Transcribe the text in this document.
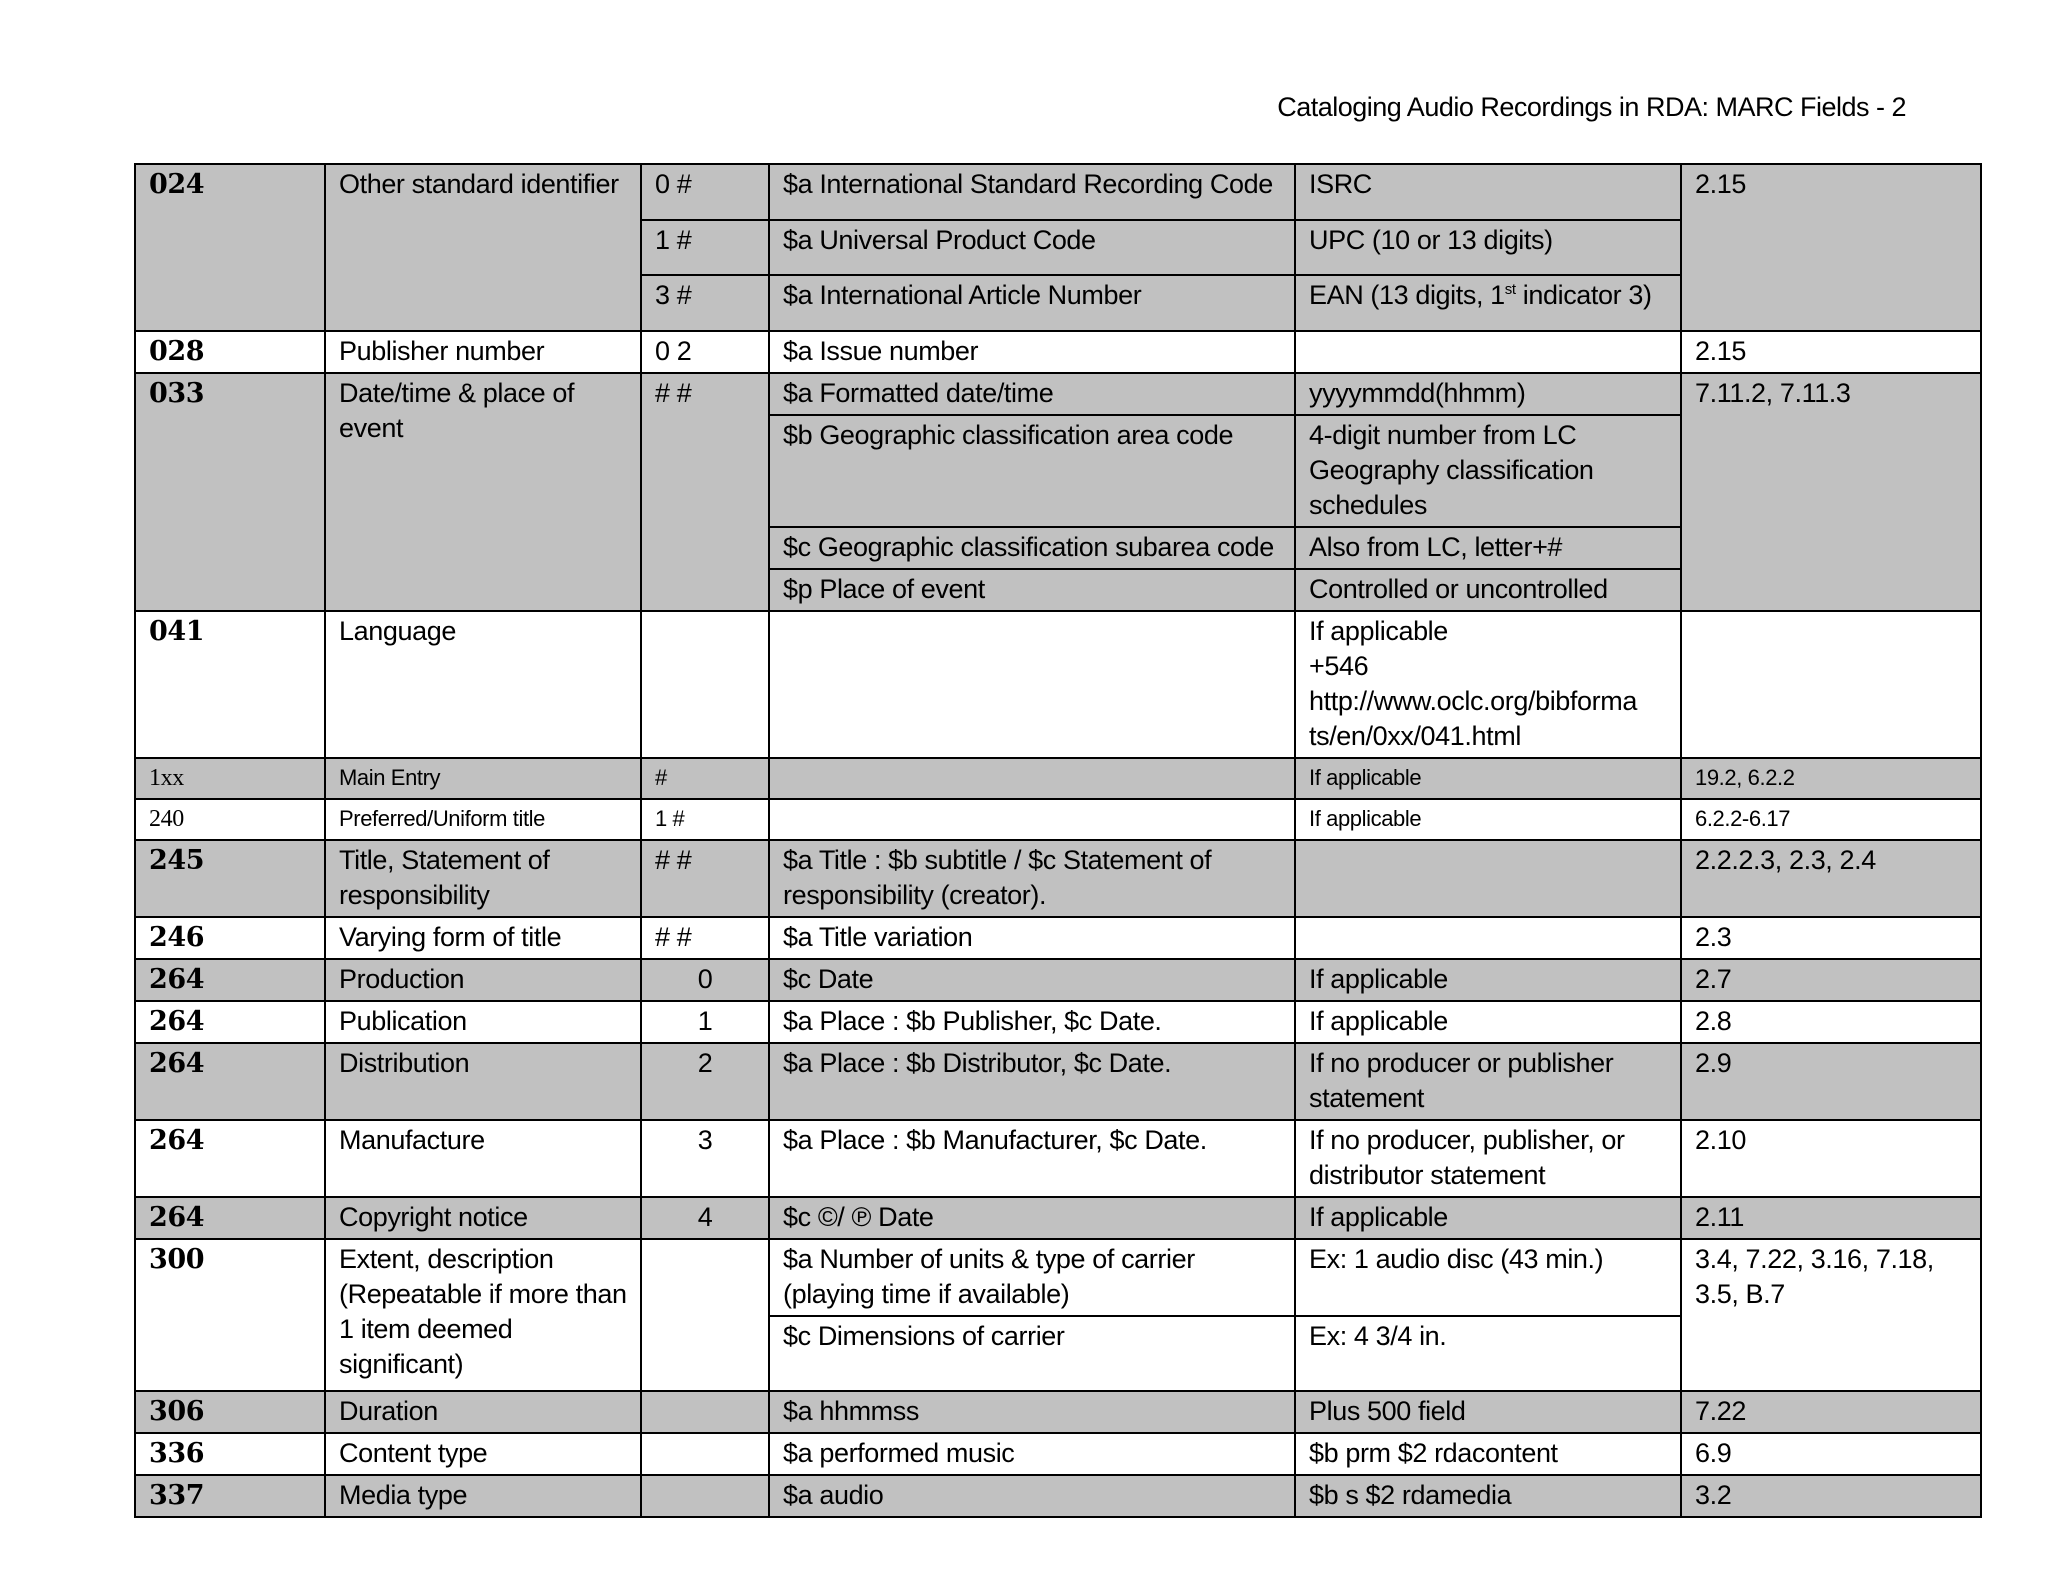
Cataloging Audio Recordings in RDA: MARC Fields - 2
024	Other standard identifier	0 #	$a International Standard Recording Code	ISRC	2.15
		1 #	$a Universal Product Code	UPC (10 or 13 digits)	
		3 #	$a International Article Number	EAN (13 digits, 1st indicator 3)	
028	Publisher number	0 2	$a Issue number		2.15
033	Date/time & place of event	# #	$a Formatted date/time	yyyymmdd(hhmm)	7.11.2, 7.11.3
			$b Geographic classification area code	4-digit number from LC Geography classification schedules	
			$c Geographic classification subarea code	Also from LC, letter+#	
			$p Place of event	Controlled or uncontrolled	
041	Language			If applicable
+546
http://www.oclc.org/bibforma
ts/en/0xx/041.html	

1xx	Main Entry	#		If applicable	19.2, 6.2.2
240	Preferred/Uniform title	1 #		If applicable	6.2.2-6.17
245	Title, Statement of responsibility	# #	$a Title : $b subtitle / $c Statement of responsibility (creator).		2.2.2.3, 2.3, 2.4
246	Varying form of title	# #	$a Title variation		2.3
264	Production	0	$c Date	If applicable	2.7
264	Publication	1	$a Place : $b Publisher, $c Date.	If applicable	2.8
264	Distribution	2	$a Place : $b Distributor, $c Date.	If no producer or publisher statement	2.9
264	Manufacture	3	$a Place : $b Manufacturer, $c Date.	If no producer, publisher, or distributor statement	2.10
264	Copyright notice	4	$c ©/ ℗ Date	If applicable	2.11
300	Extent, description (Repeatable if more than 1 item deemed significant)		$a Number of units & type of carrier (playing time if available)	Ex: 1 audio disc (43 min.)	3.4, 7.22, 3.16, 7.18, 3.5, B.7
			$c Dimensions of carrier	Ex: 4 3/4 in.	
306	Duration		$a hhmmss	Plus 500 field	7.22
336	Content type		$a performed music	$b prm $2 rdacontent	6.9
337	Media type		$a audio	$b s $2 rdamedia	3.2
